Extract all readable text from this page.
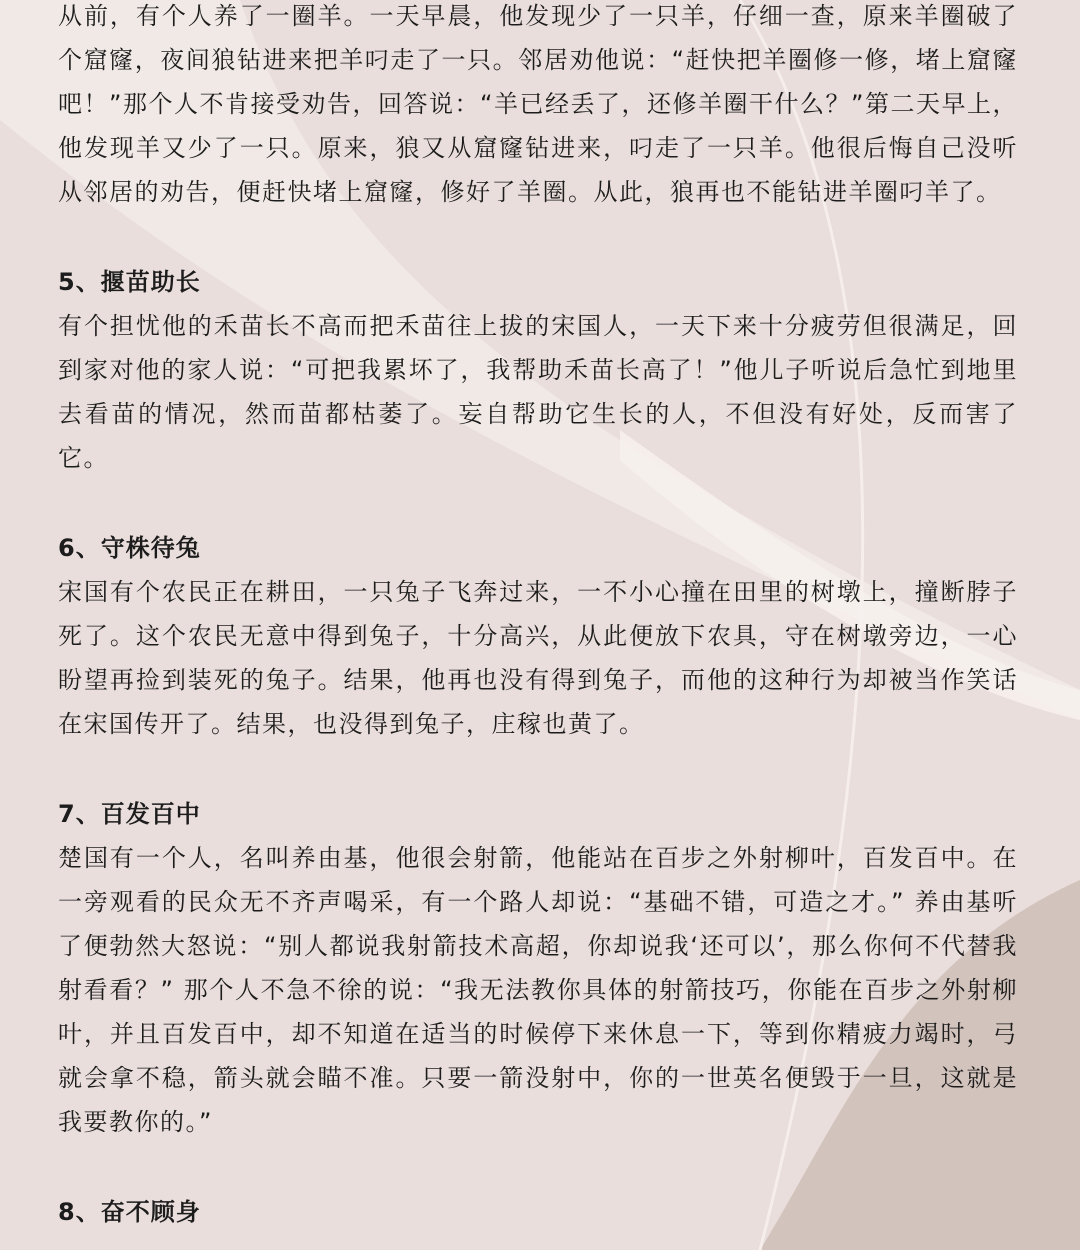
从前，有个人养了一圈羊。一天早晨，他发现少了一只羊，仔细一查，原来羊圈破了个窟窿，夜间狼钻进来把羊叼走了一只。邻居劝他说：“赶快把羊圈修一修，堵上窟窿吧！”那个人不肯接受劝告，回答说：“羊已经丢了，还修羊圈干什么？”第二天早上，他发现羊又少了一只。原来，狼又从窟窿钻进来，叼走了一只羊。他很后悔自己没听从邻居的劝告，便赶快堵上窟窿，修好了羊圈。从此，狼再也不能钻进羊圈叼羊了。

5、揠苗助长

有个担忧他的禾苗长不高而把禾苗往上拔的宋国人，一天下来十分疲劳但很满足，回到家对他的家人说：“可把我累坏了，我帮助禾苗长高了！”他儿子听说后急忙到地里去看苗的情况，然而苗都枯萎了。妄自帮助它生长的人，不但没有好处，反而害了它。

6、守株待兔

宋国有个农民正在耕田，一只兔子飞奔过来，一不小心撞在田里的树墩上，撞断脖子死了。这个农民无意中得到兔子，十分高兴，从此便放下农具，守在树墩旁边，一心盼望再捡到装死的兔子。结果，他再也没有得到兔子，而他的这种行为却被当作笑话在宋国传开了。结果，也没得到兔子，庄稼也黄了。

7、百发百中

楚国有一个人，名叫养由基，他很会射箭，他能站在百步之外射柳叶，百发百中。在一旁观看的民众无不齐声喝采，有一个路人却说：“基础不错，可造之才。” 养由基听了便勃然大怒说：“别人都说我射箭技术高超，你却说我‘还可以’，那么你何不代替我射看看？” 那个人不急不徐的说：“我无法教你具体的射箭技巧，你能在百步之外射柳叶，并且百发百中，却不知道在适当的时候停下来休息一下，等到你精疲力竭时，弓就会拿不稳，箭头就会瞄不准。只要一箭没射中，你的一世英名便毁于一旦，这就是我要教你的。”

8、奋不顾身
